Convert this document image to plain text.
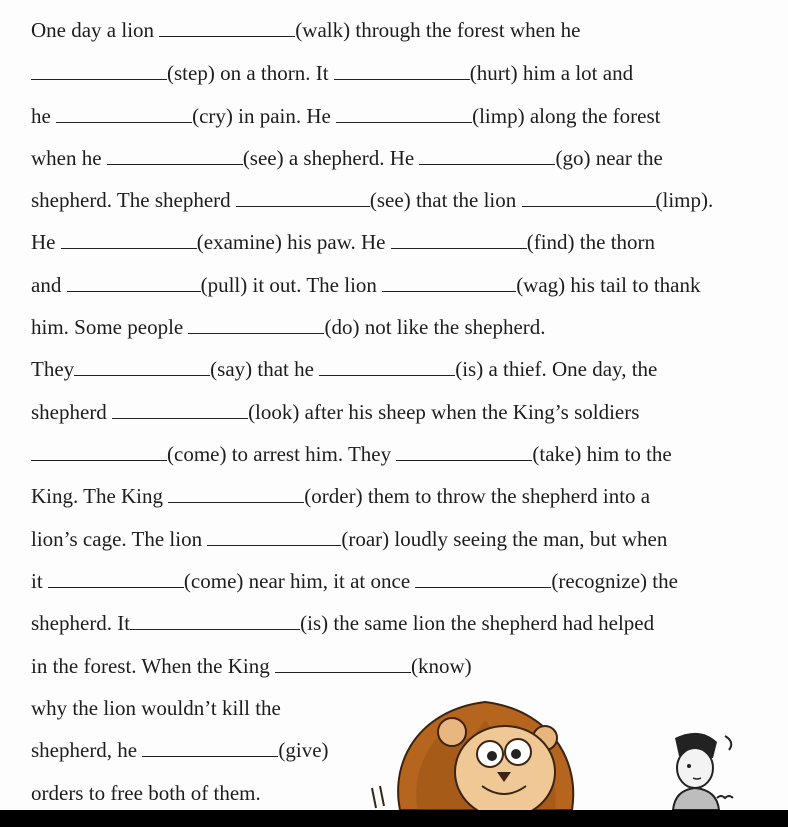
One day a lion	(walk) through the forest when he
(step) on a thorn. It	(hurt) him a lot and
he	(cry) in pain. He	(limp) along the forest
when he	(see) a shepherd. He	(go) near the
shepherd. The shepherd	(see) that the lion	(limp).
He	(examine) his paw. He	(find) the thorn
and	(pull) it out. The lion	(wag) his tail to thank
him. Some people	(do) not like the shepherd.
They	(say) that he	(is) a thief. One day, the
shepherd	(look) after his sheep when the King’s soldiers
(come) to arrest him. They	(take) him to the
King. The King	(order) them to throw the shepherd into a
lion’s cage. The lion	(roar) loudly seeing the man, but when
it	(come) near him, it at once	(recognize) the
shepherd. It	(is) the same lion the shepherd had helped
in the forest. When the King	(know)
why the lion wouldn’t kill the
shepherd, he	(give)
orders to free both of them.
